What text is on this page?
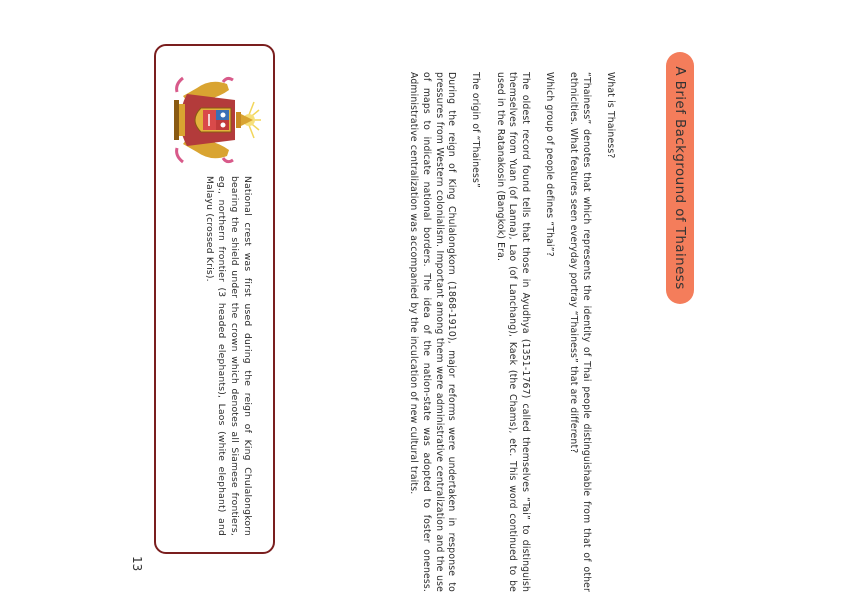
A Brief Background of Thainess

What is Thainess?

“Thainess” denotes that which represents the identity of Thai people distinguishable from that of other ethnicities. What features seen everyday portray “Thainess” that are different?

Which group of people defines “Thai”?

The oldest record found tells that those in Ayudhya (1351-1767) called themselves “Tai” to distinguish themselves from Yuan (of Lanna), Lao (of Lanchang), Kaek (the Chams), etc. This word continued to be used in the Ratanakosin (Bangkok) Era.

The origin of “Thainess”

During the reign of King Chulalongkorn (1868-1910), major reforms were undertaken in response to pressures from Western colonialism. Important among them were administrative centralization and the use of maps to indicate national borders. The idea of the nation-state was adopted to foster oneness. Administrative centralization was accompanied by the inculcation of new cultural traits.

National crest was first used during the reign of King Chulalongkorn bearing the shield under the crown which denotes all Siamese frontiers, eg., northern frontier (3 headed elephants), Laos (white elephant) and Malayu (crossed Kris).

13
